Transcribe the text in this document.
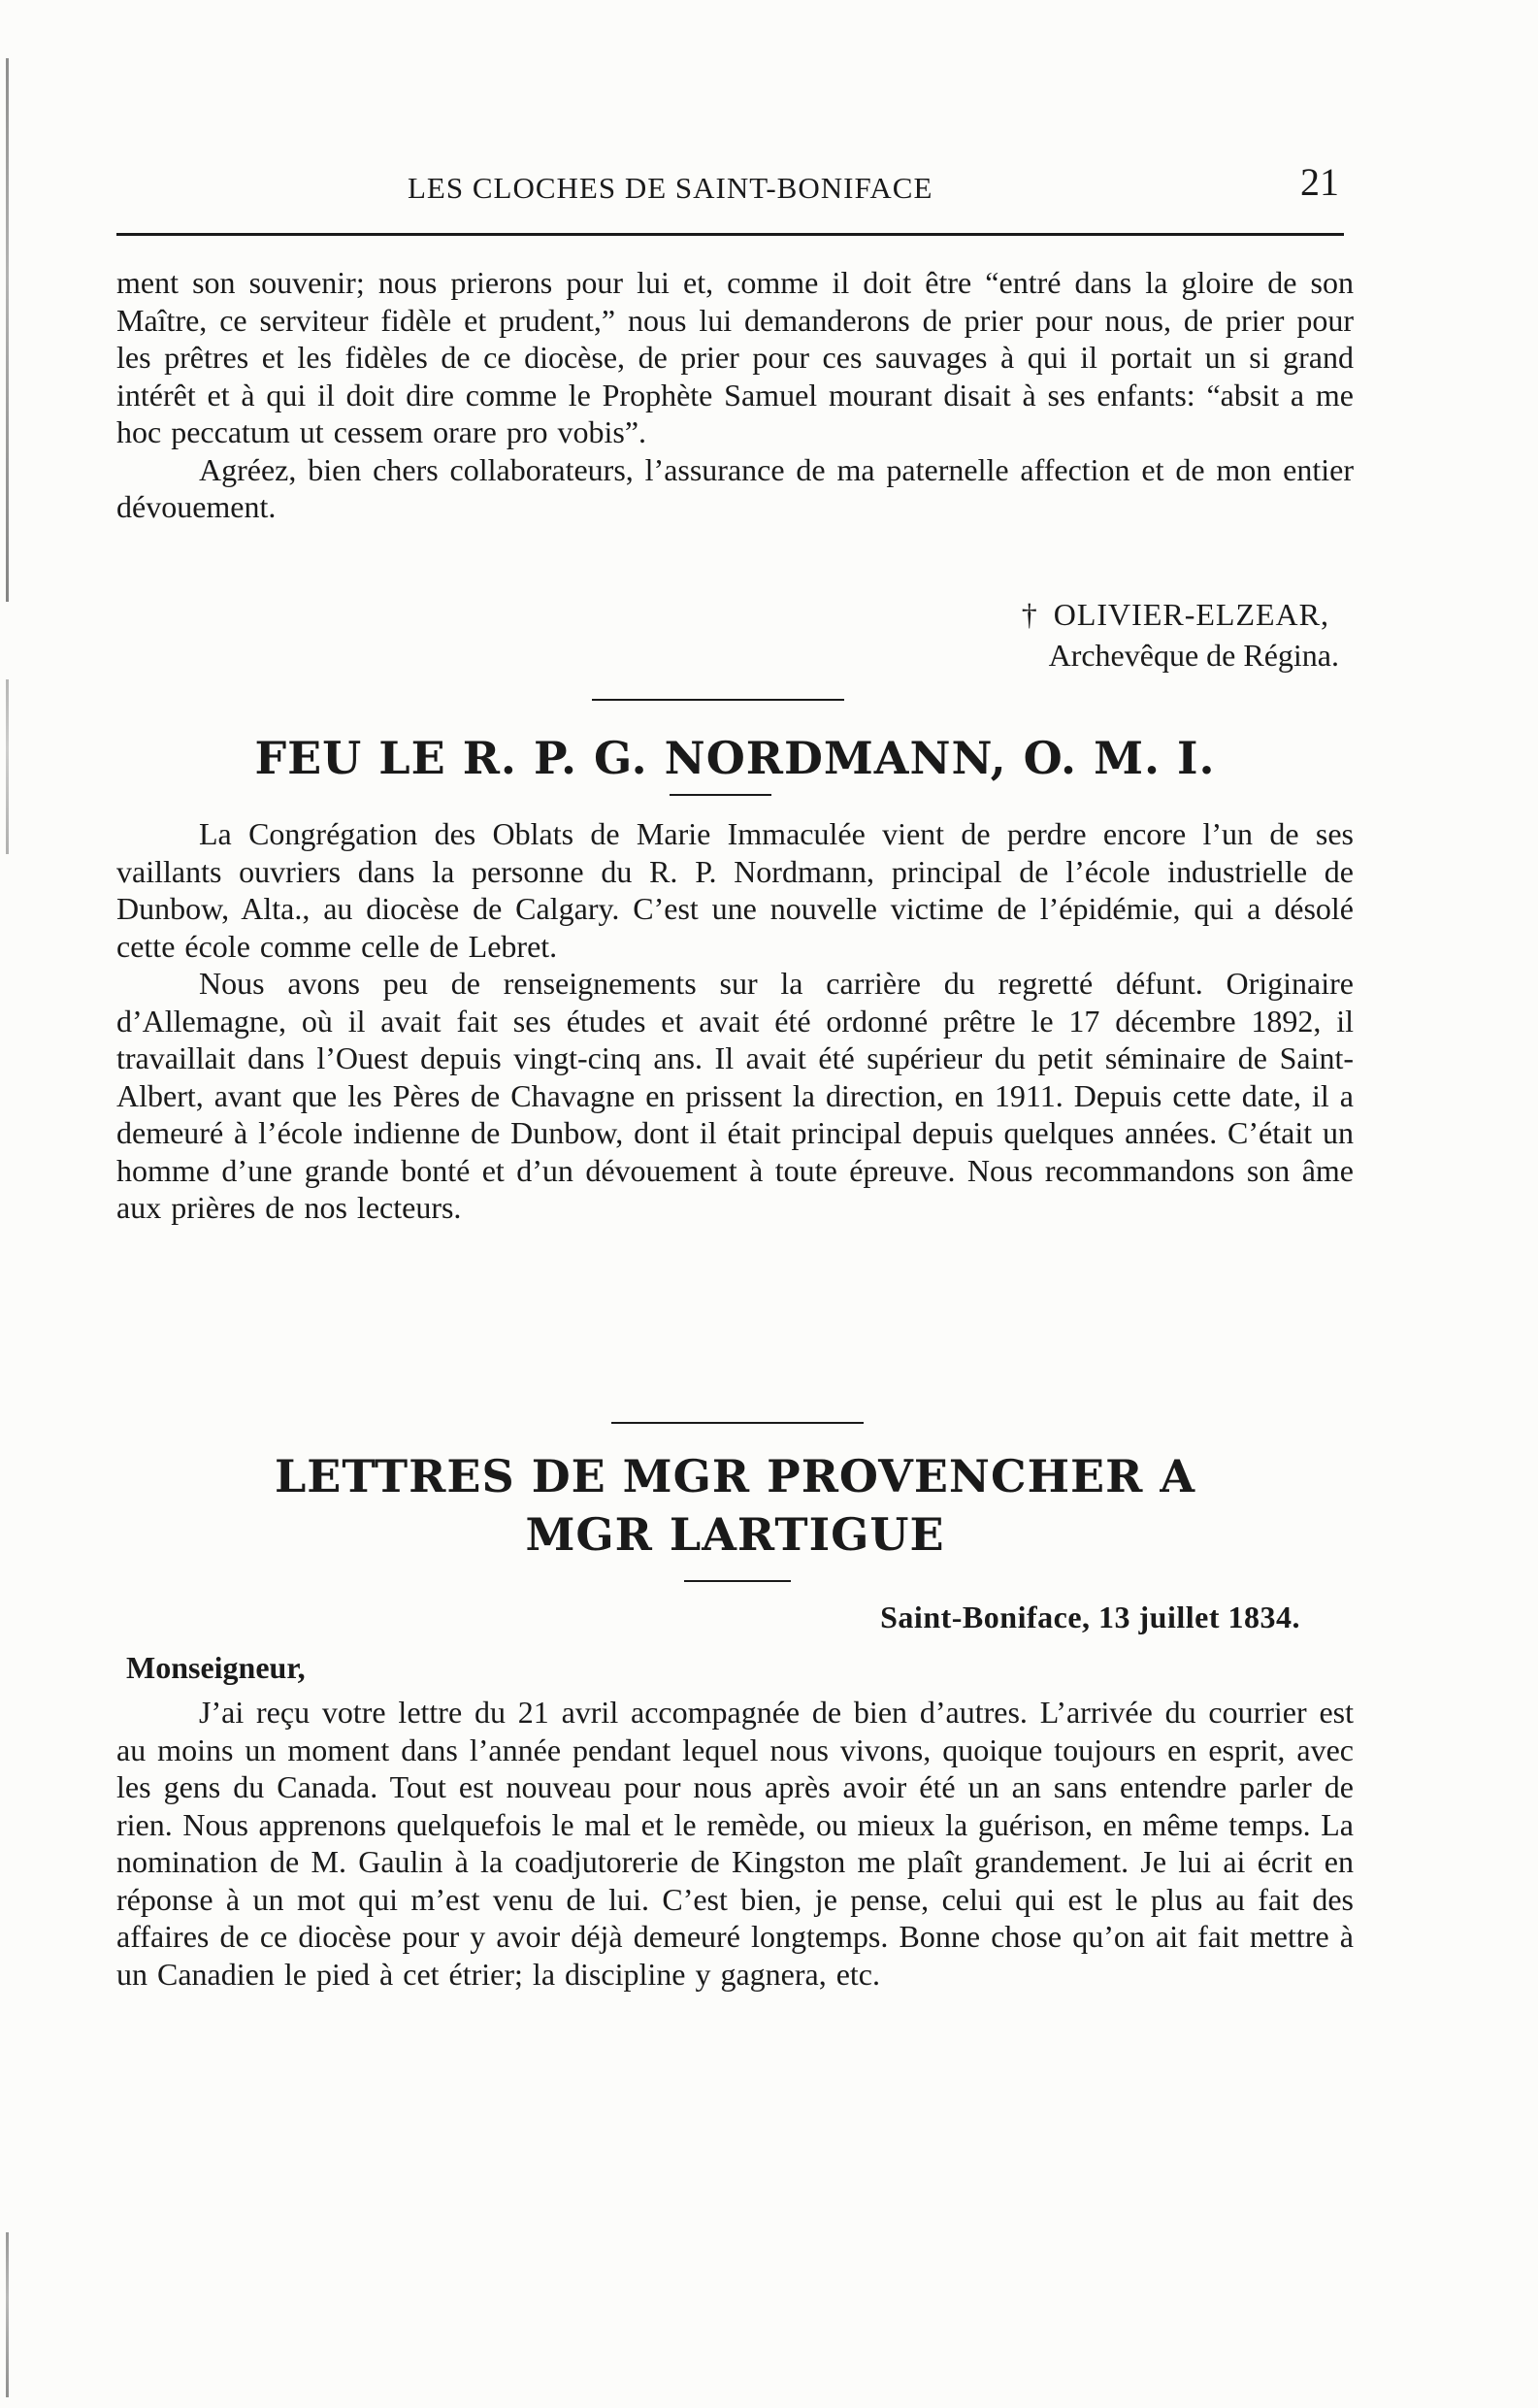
LES CLOCHES DE SAINT-BONIFACE	21

ment son souvenir; nous prierons pour lui et, comme il doit être “entré dans la gloire de son Maître, ce serviteur fidèle et prudent,” nous lui demanderons de prier pour nous, de prier pour les prêtres et les fidèles de ce diocèse, de prier pour ces sauvages à qui il portait un si grand intérêt et à qui il doit dire comme le Prophète Samuel mourant disait à ses enfants: “absit a me hoc peccatum ut cessem orare pro vobis”.

Agréez, bien chers collaborateurs, l’assurance de ma paternelle affection et de mon entier dévouement.

† OLIVIER-ELZEAR,
Archevêque de Régina.
FEU LE R. P. G. NORDMANN, O. M. I.

La Congrégation des Oblats de Marie Immaculée vient de perdre encore l’un de ses vaillants ouvriers dans la personne du R. P. Nordmann, principal de l’école industrielle de Dunbow, Alta., au diocèse de Calgary. C’est une nouvelle victime de l’épidémie, qui a désolé cette école comme celle de Lebret.

Nous avons peu de renseignements sur la carrière du regretté défunt. Originaire d’Allemagne, où il avait fait ses études et avait été ordonné prêtre le 17 décembre 1892, il travaillait dans l’Ouest depuis vingt-cinq ans. Il avait été supérieur du petit séminaire de Saint-Albert, avant que les Pères de Chavagne en prissent la direction, en 1911. Depuis cette date, il a demeuré à l’école indienne de Dunbow, dont il était principal depuis quelques années. C’était un homme d’une grande bonté et d’un dévouement à toute épreuve. Nous recommandons son âme aux prières de nos lecteurs.

LETTRES DE MGR PROVENCHER A
MGR LARTIGUE
Saint-Boniface, 13 juillet 1834.
Monseigneur,

J’ai reçu votre lettre du 21 avril accompagnée de bien d’autres. L’arrivée du courrier est au moins un moment dans l’année pendant lequel nous vivons, quoique toujours en esprit, avec les gens du Canada. Tout est nouveau pour nous après avoir été un an sans entendre parler de rien. Nous apprenons quelquefois le mal et le remède, ou mieux la guérison, en même temps. La nomination de M. Gaulin à la coadjutorerie de Kingston me plaît grandement. Je lui ai écrit en réponse à un mot qui m’est venu de lui. C’est bien, je pense, celui qui est le plus au fait des affaires de ce diocèse pour y avoir déjà demeuré longtemps. Bonne chose qu’on ait fait mettre à un Canadien le pied à cet étrier; la discipline y gagnera, etc.
